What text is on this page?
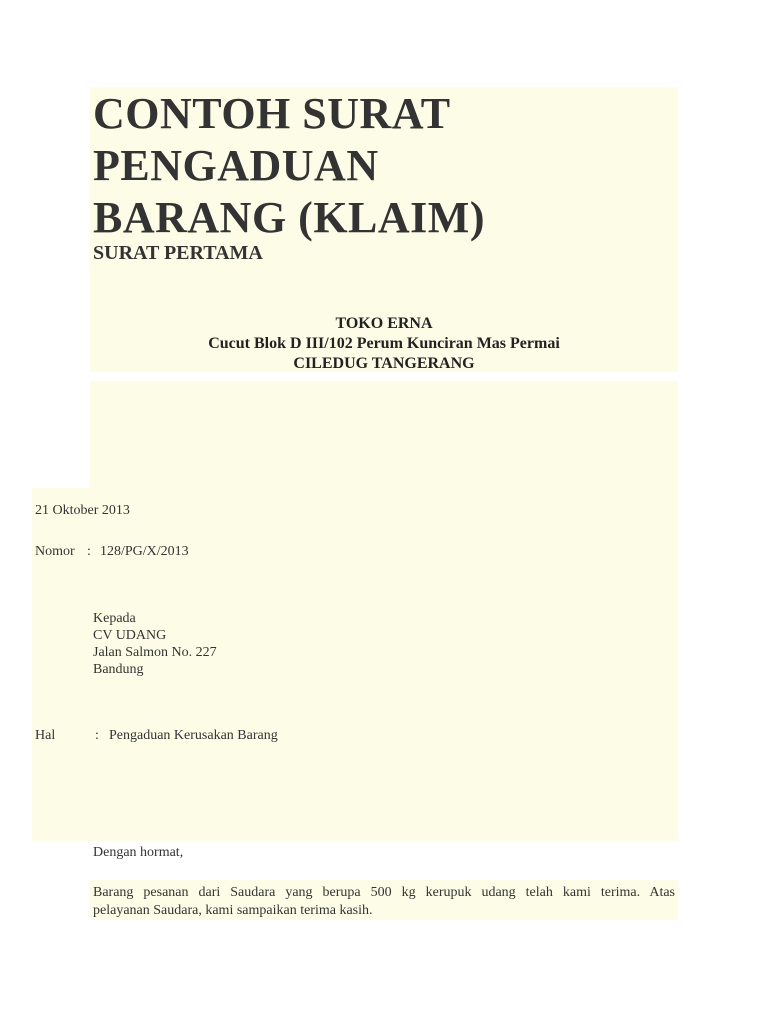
CONTOH SURAT
PENGADUAN
BARANG (KLAIM)
SURAT PERTAMA
TOKO ERNA
Cucut Blok D III/102 Perum Kunciran Mas Permai
CILEDUG TANGERANG
21 Oktober 2013
Nomor : 128/PG/X/2013
Kepada
CV UDANG
Jalan Salmon No. 227
Bandung
Hal	: Pengaduan Kerusakan Barang
Dengan hormat,
Barang pesanan dari Saudara yang berupa 500 kg kerupuk udang telah kami terima. Atas
pelayanan Saudara, kami sampaikan terima kasih.
